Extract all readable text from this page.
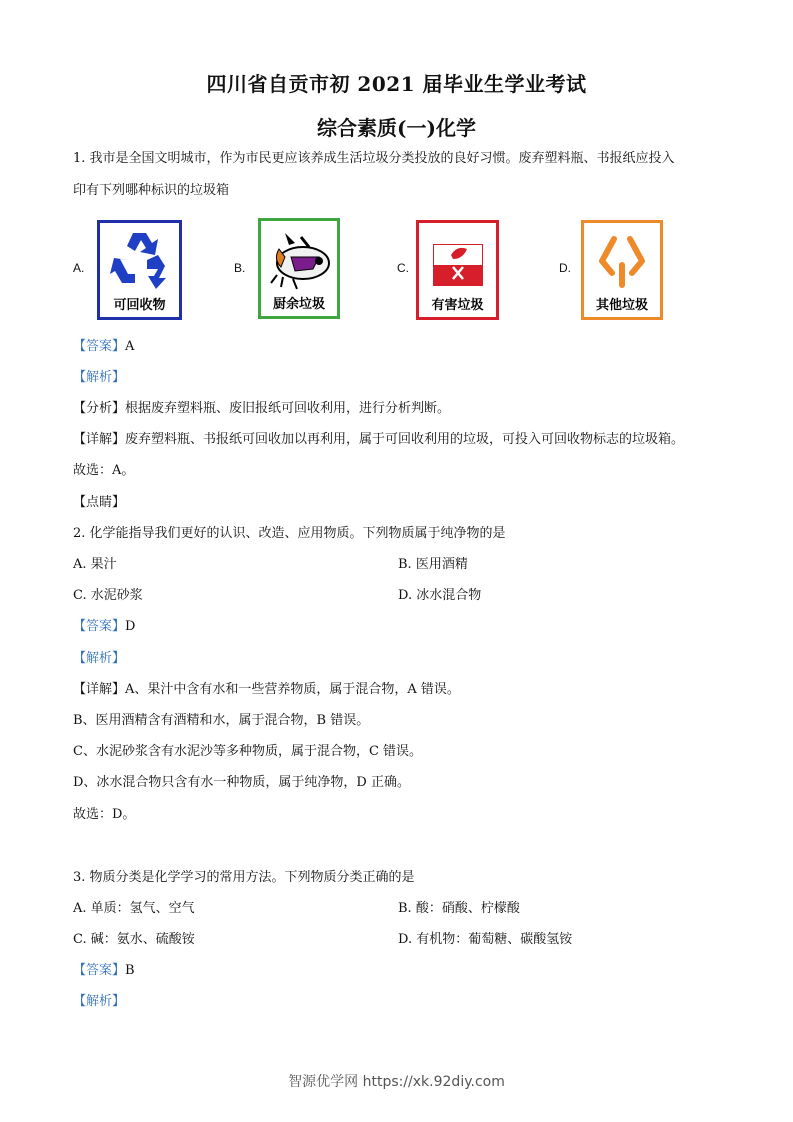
四川省自贡市初 2021 届毕业生学业考试
综合素质(一)化学
1. 我市是全国文明城市，作为市民更应该养成生活垃圾分类投放的良好习惯。废弃塑料瓶、书报纸应投入
印有下列哪种标识的垃圾箱
A.
可回收物
B.
厨余垃圾
C.
有害垃圾
D.
其他垃圾
【答案】A
【解析】
【分析】根据废弃塑料瓶、废旧报纸可回收利用，进行分析判断。
【详解】废弃塑料瓶、书报纸可回收加以再利用，属于可回收利用的垃圾，可投入可回收物标志的垃圾箱。
故选：A。
【点睛】
2. 化学能指导我们更好的认识、改造、应用物质。下列物质属于纯净物的是
A. 果汁	B. 医用酒精
C. 水泥砂浆	D. 冰水混合物
【答案】D
【解析】
【详解】A、果汁中含有水和一些营养物质，属于混合物，A 错误。
B、医用酒精含有酒精和水，属于混合物，B 错误。
C、水泥砂浆含有水泥沙等多种物质，属于混合物，C 错误。
D、冰水混合物只含有水一种物质，属于纯净物，D 正确。
故选：D。
3. 物质分类是化学学习的常用方法。下列物质分类正确的是
A. 单质：氢气、空气	B. 酸：硝酸、柠檬酸
C. 碱：氨水、硫酸铵	D. 有机物：葡萄糖、碳酸氢铵
【答案】B
【解析】
智源优学网 https://xk.92diy.com
